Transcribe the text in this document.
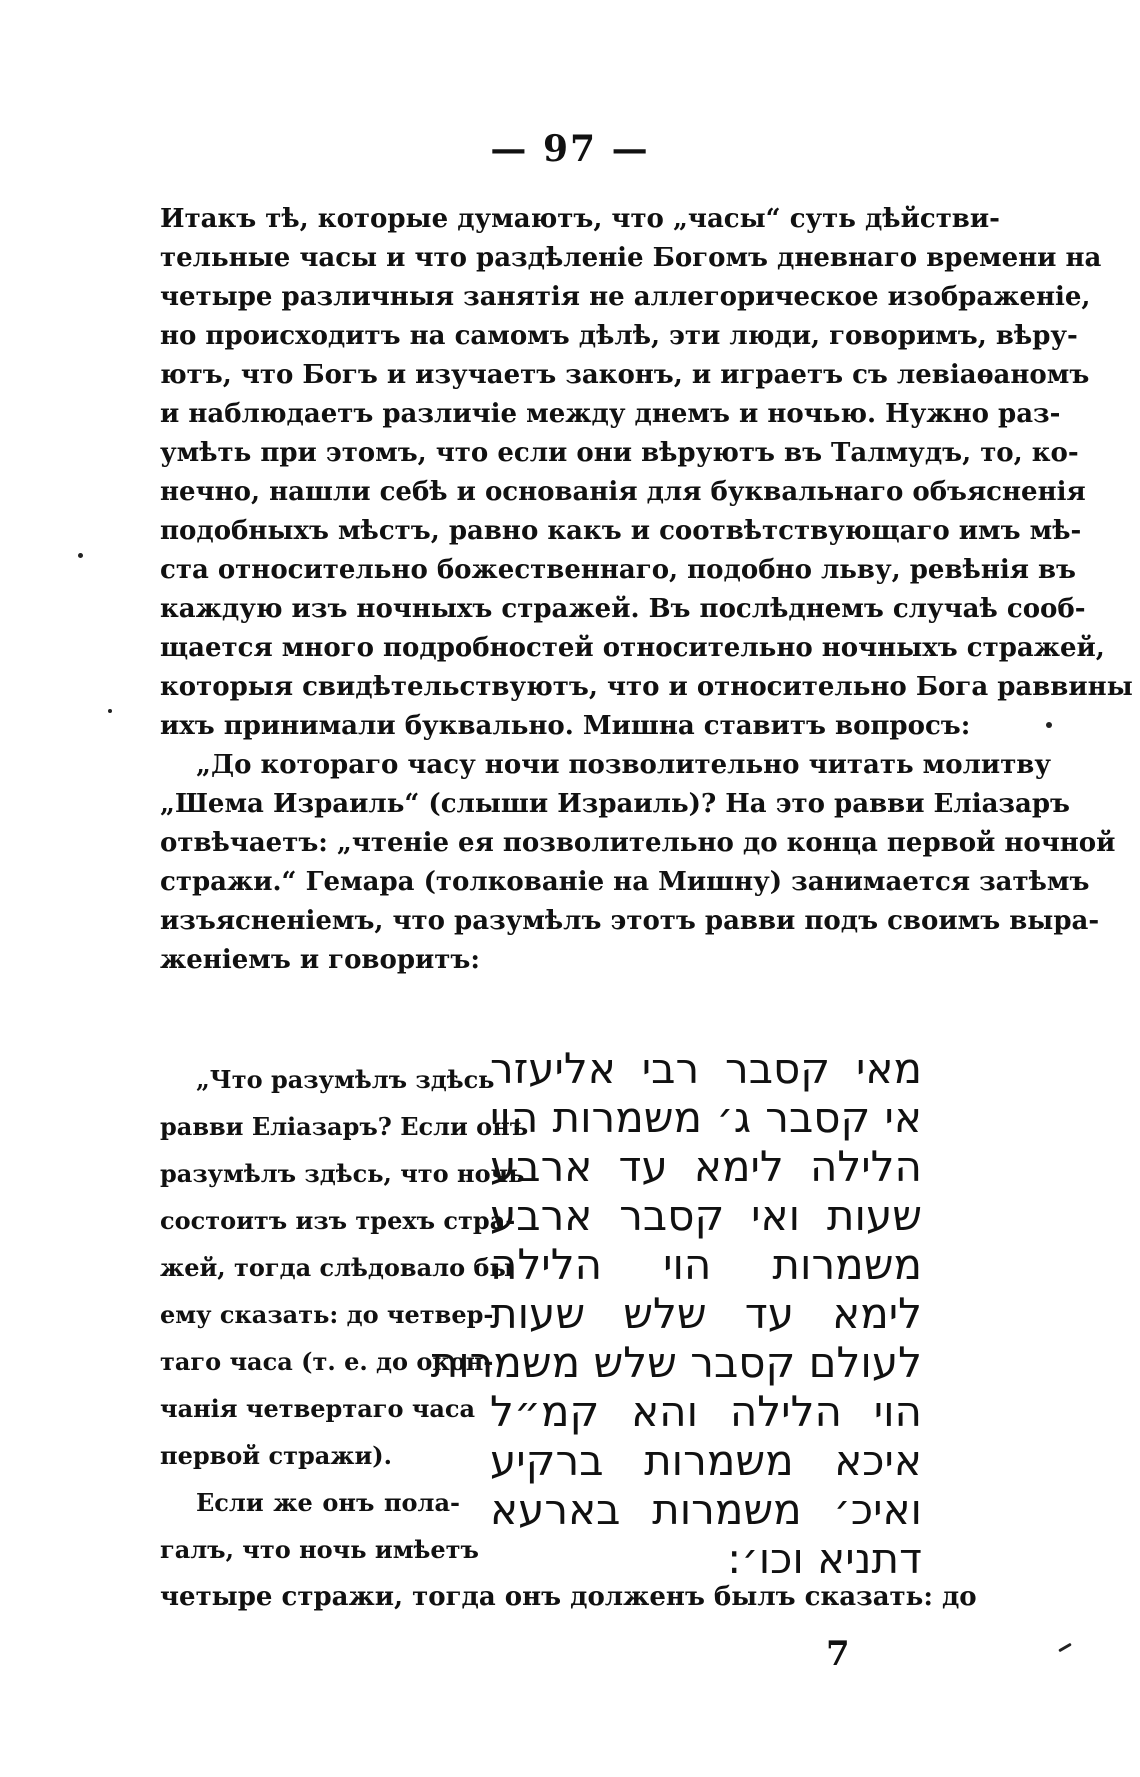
— 97 —
Итакъ тѣ, которые думаютъ, что „часы“ суть дѣйстви-
тельные часы и что раздѣленіе Богомъ дневнаго времени на
четыре различныя занятія не аллегорическое изображеніе,
но происходитъ на самомъ дѣлѣ, эти люди, говоримъ, вѣру-
ютъ, что Богъ и изучаетъ законъ, и играетъ съ левіаѳаномъ
и наблюдаетъ различіе между днемъ и ночью. Нужно раз-
умѣть при этомъ, что если они вѣруютъ въ Талмудъ, то, ко-
нечно, нашли себѣ и основанія для буквальнаго объясненія
подобныхъ мѣстъ, равно какъ и соотвѣтствующаго имъ мѣ-
ста относительно божественнаго, подобно льву, ревѣнія въ
каждую изъ ночныхъ стражей. Въ послѣднемъ случаѣ сооб-
щается много подробностей относительно ночныхъ стражей,
которыя свидѣтельствуютъ, что и относительно Бога раввины
ихъ принимали буквально. Мишна ставитъ вопросъ:
„До котораго часу ночи позволительно читать молитву
„Шема Израиль“ (слыши Израиль)? На это равви Еліазаръ
отвѣчаетъ: „чтеніе ея позволительно до конца первой ночной
стражи.“ Гемара (толкованіе на Мишну) занимается затѣмъ
изъясненіемъ, что разумѣлъ этотъ равви подъ своимъ выра-
женіемъ и говоритъ:
„Что разумѣлъ здѣсь
равви Еліазаръ? Если онъ
разумѣлъ здѣсь, что ночь
состоитъ изъ трехъ стра-
жей, тогда слѣдовало бы
ему сказать: до четвер-
таго часа (т. е. до окон-
чанія четвертаго часа
первой стражи).
Если же онъ пола-
галъ, что ночь имѣетъ
מאי קסבר רבי אליעזר
אי קסבר ג׳ משמרות הוי
הלילה לימא עד ארבע
שעות ואי קסבר ארבע
משמרות הוי הלילה
לימא עד שלש שעות
לעולם קסבר שלש משמרות
הוי הלילה והא קמ״ל
איכא משמרות ברקיע
ואיכ׳ משמרות בארעא
דתניא וכו׳:
четыре стражи, тогда онъ долженъ былъ сказать: до
7
